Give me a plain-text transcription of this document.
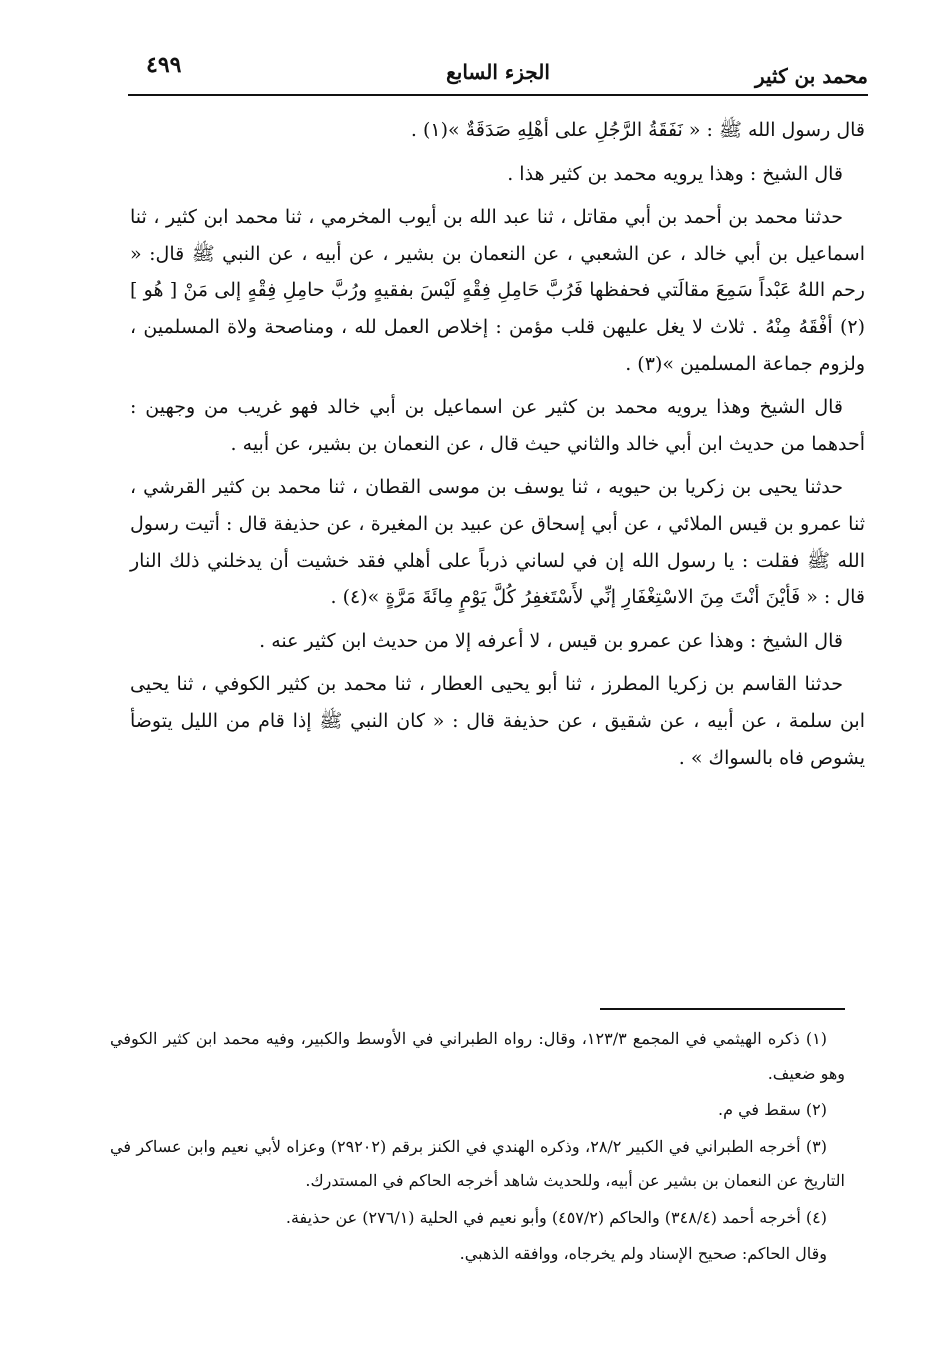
محمد بن كثير
الجزء السابع
٤٩٩

قال رسول الله ﷺ : « نَفَقَةُ الرَّجُلِ على أهْلِهِ صَدَقَةٌ »(١) .

قال الشيخ : وهذا يرويه محمد بن كثير هذا .

حدثنا محمد بن أحمد بن أبي مقاتل ، ثنا عبد الله بن أيوب المخرمي ، ثنا محمد ابن كثير ، ثنا اسماعيل بن أبي خالد ، عن الشعبي ، عن النعمان بن بشير ، عن أبيه ، عن النبي ﷺ قال: « رحم اللهُ عَبْداً سَمِعَ مقالَتي فحفظها فَرُبَّ حَامِلِ فِقْهٍ لَيْسَ بفقيهٍ ورُبَّ حامِلِ فِقْهٍ إلى مَنْ [ هُو ](٢) أفْقَهُ مِنْهُ . ثلاث لا يغل عليهن قلب مؤمن : إخلاص العمل لله ، ومناصحة ولاة المسلمين ، ولزوم جماعة المسلمين »(٣) .

قال الشيخ وهذا يرويه محمد بن كثير عن اسماعيل بن أبي خالد فهو غريب من وجهين : أحدهما من حديث ابن أبي خالد والثاني حيث قال ، عن النعمان بن بشير، عن أبيه .

حدثنا يحيى بن زكريا بن حيويه ، ثنا يوسف بن موسى القطان ، ثنا محمد بن كثير القرشي ، ثنا عمرو بن قيس الملائي ، عن أبي إسحاق عن عبيد بن المغيرة ، عن حذيفة قال : أتيت رسول الله ﷺ فقلت : يا رسول الله إن في لساني ذرباً على أهلي فقد خشيت أن يدخلني ذلك النار قال : « فَأيْنَ أنْتَ مِنَ الاسْتِغْفَارِ إنِّي لأَسْتَغفِرُ كُلَّ يَوْمٍ مِائَةَ مَرَّةٍ »(٤) .

قال الشيخ : وهذا عن عمرو بن قيس ، لا أعرفه إلا من حديث ابن كثير عنه .

حدثنا القاسم بن زكريا المطرز ، ثنا أبو يحيى العطار ، ثنا محمد بن كثير الكوفي ، ثنا يحيى ابن سلمة ، عن أبيه ، عن شقيق ، عن حذيفة قال : « كان النبي ﷺ إذا قام من الليل يتوضأ يشوص فاه بالسواك » .

(١) ذكره الهيثمي في المجمع ١٢٣/٣، وقال: رواه الطبراني في الأوسط والكبير، وفيه محمد ابن كثير الكوفي وهو ضعيف.

(٢) سقط في م.

(٣) أخرجه الطبراني في الكبير ٢٨/٢، وذكره الهندي في الكنز برقم (٢٩٢٠٢) وعزاه لأبي نعيم وابن عساكر في التاريخ عن النعمان بن بشير عن أبيه، وللحديث شاهد أخرجه الحاكم في المستدرك.

(٤) أخرجه أحمد (٣٤٨/٤) والحاكم (٤٥٧/٢) وأبو نعيم في الحلية (٢٧٦/١) عن حذيفة.

وقال الحاكم: صحيح الإسناد ولم يخرجاه، ووافقه الذهبي.
